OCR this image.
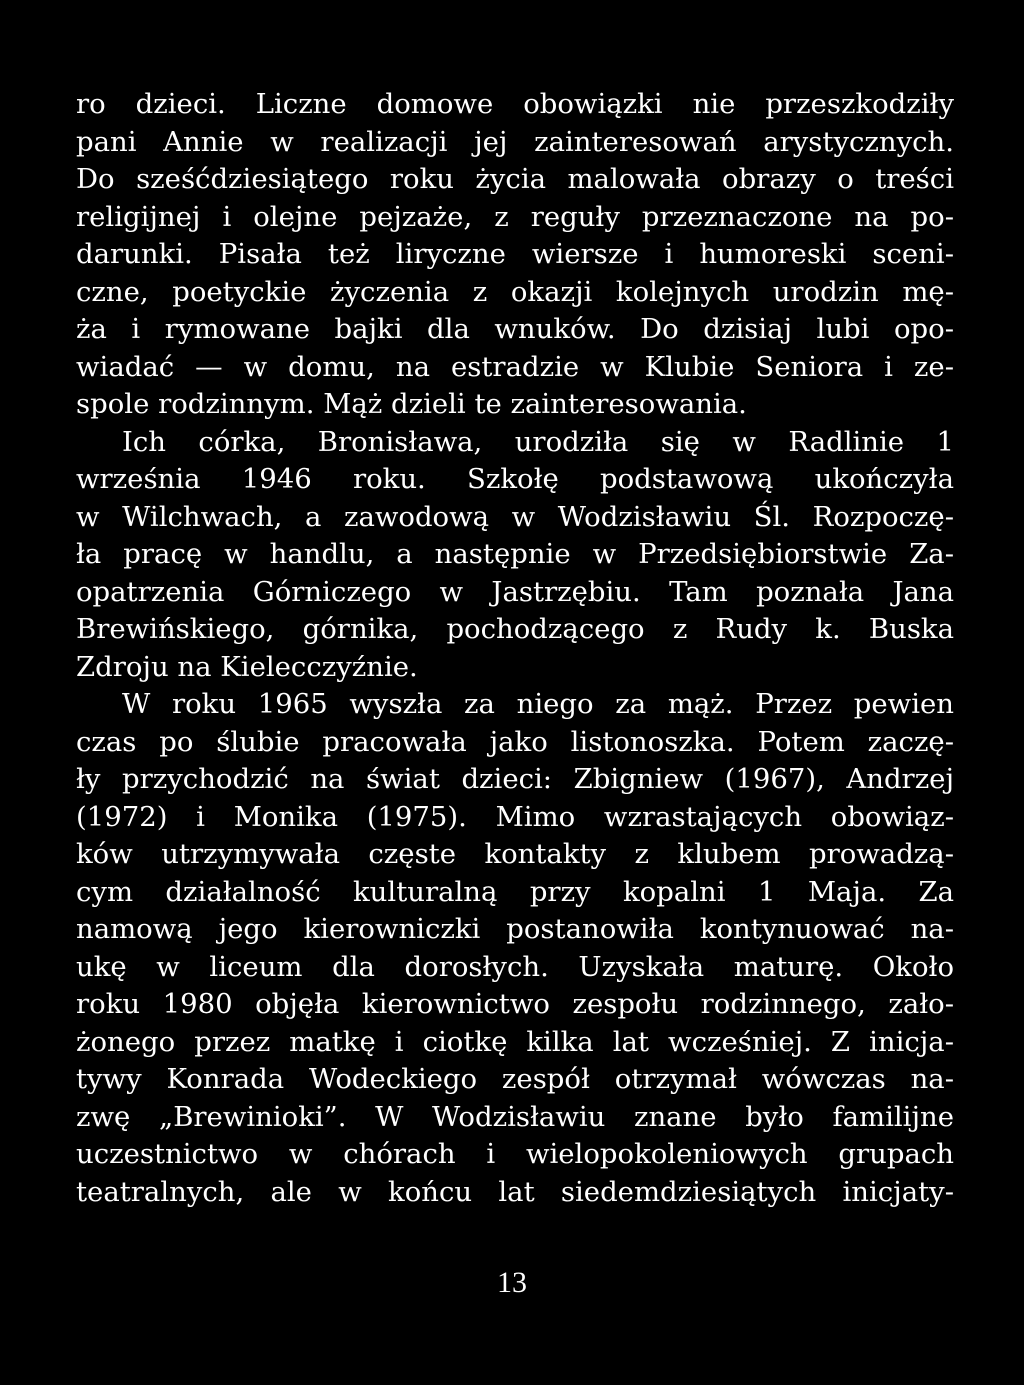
ro dzieci. Liczne domowe obowiązki nie przeszkodziły
pani Annie w realizacji jej zainteresowań arystycznych.
Do sześćdziesiątego roku życia malowała obrazy o treści
religijnej i olejne pejzaże, z reguły przeznaczone na po-
darunki. Pisała też liryczne wiersze i humoreski sceni-
czne, poetyckie życzenia z okazji kolejnych urodzin mę-
ża i rymowane bajki dla wnuków. Do dzisiaj lubi opo-
wiadać — w domu, na estradzie w Klubie Seniora i ze-
spole rodzinnym. Mąż dzieli te zainteresowania.
Ich córka, Bronisława, urodziła się w Radlinie 1
września 1946 roku. Szkołę podstawową ukończyła
w Wilchwach, a zawodową w Wodzisławiu Śl. Rozpoczę-
ła pracę w handlu, a następnie w Przedsiębiorstwie Za-
opatrzenia Górniczego w Jastrzębiu. Tam poznała Jana
Brewińskiego, górnika, pochodzącego z Rudy k. Buska
Zdroju na Kielecczyźnie.
W roku 1965 wyszła za niego za mąż. Przez pewien
czas po ślubie pracowała jako listonoszka. Potem zaczę-
ły przychodzić na świat dzieci: Zbigniew (1967), Andrzej
(1972) i Monika (1975). Mimo wzrastających obowiąz-
ków utrzymywała częste kontakty z klubem prowadzą-
cym działalność kulturalną przy kopalni 1 Maja. Za
namową jego kierowniczki postanowiła kontynuować na-
ukę w liceum dla dorosłych. Uzyskała maturę. Około
roku 1980 objęła kierownictwo zespołu rodzinnego, zało-
żonego przez matkę i ciotkę kilka lat wcześniej. Z inicja-
tywy Konrada Wodeckiego zespół otrzymał wówczas na-
zwę „Brewinioki”. W Wodzisławiu znane było familijne
uczestnictwo w chórach i wielopokoleniowych grupach
teatralnych, ale w końcu lat siedemdziesiątych inicjaty-
13
